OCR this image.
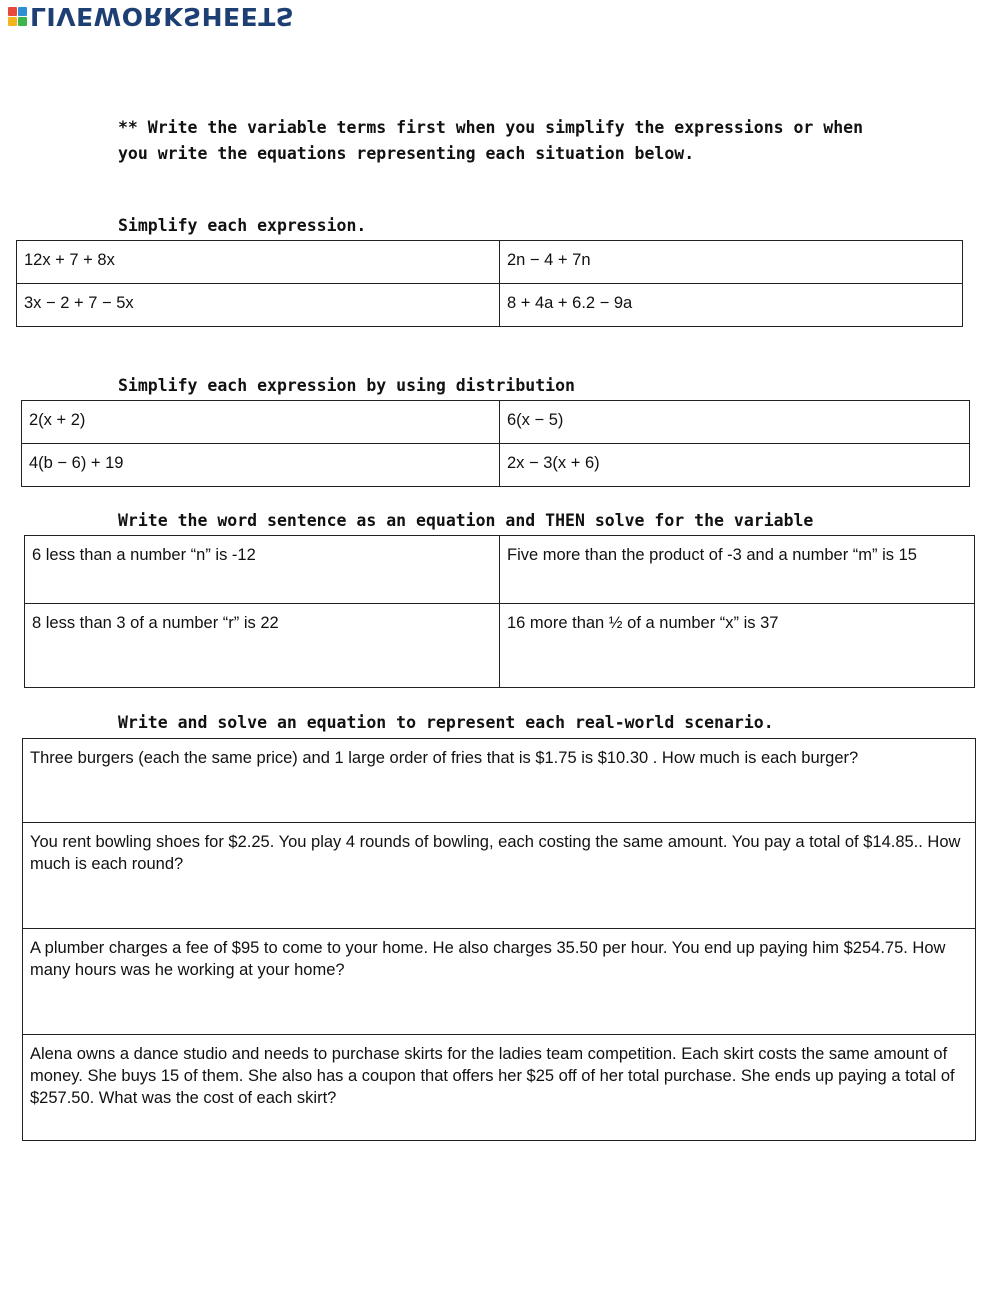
LIVEWORKSHEETS

** Write the variable terms first when you simplify the expressions or when you write the equations representing each situation below.

Simplify each expression.

12x + 7 + 8x	2n − 4 + 7n
3x − 2 + 7 − 5x	8 + 4a + 6.2 − 9a

Simplify each expression by using distribution

2(x + 2)	6(x − 5)
4(b − 6) + 19	2x − 3(x + 6)

Write the word sentence as an equation and THEN solve for the variable

6 less than a number “n” is -12	Five more than the product of -3 and a number “m” is 15
8 less than 3 of a number “r” is 22	16 more than ½ of a number “x” is 37

Write and solve an equation to represent each real-world scenario.

Three burgers (each the same price) and 1 large order of fries that is $1.75 is $10.30 . How much is each burger?
You rent bowling shoes for $2.25. You play 4 rounds of bowling, each costing the same amount. You pay a total of $14.85.. How much is each round?
A plumber charges a fee of $95 to come to your home. He also charges 35.50 per hour. You end up paying him $254.75. How many hours was he working at your home?
Alena owns a dance studio and needs to purchase skirts for the ladies team competition. Each skirt costs the same amount of money. She buys 15 of them. She also has a coupon that offers her $25 off of her total purchase. She ends up paying a total of $257.50. What was the cost of each skirt?
